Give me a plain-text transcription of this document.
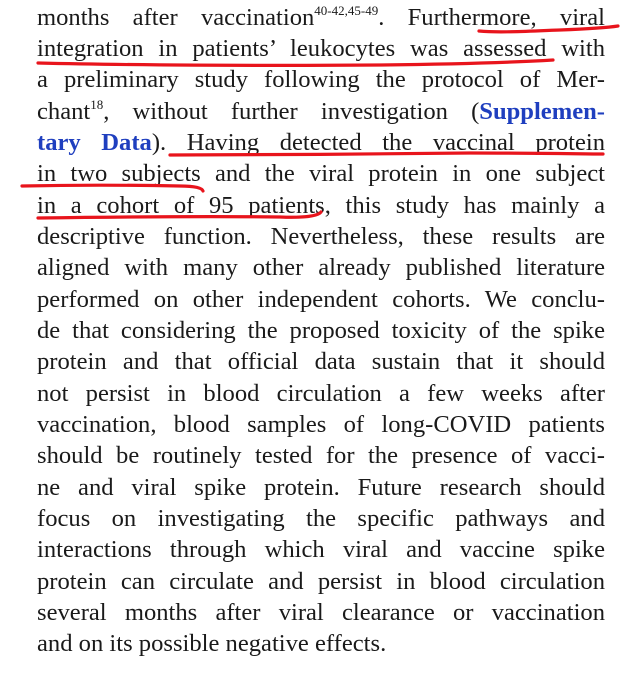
months after vaccination$^{40-42,45-49}$. Furthermore, viral
integration in patients’ leukocytes was assessed with
a preliminary study following the protocol of Mer-
chant$^{18}$, without further investigation (Supplemen-
tary Data). Having detected the vaccinal protein
in two subjects and the viral protein in one subject
in a cohort of 95 patients, this study has mainly a
descriptive function. Nevertheless, these results are
aligned with many other already published literature
performed on other independent cohorts. We conclu-
de that considering the proposed toxicity of the spike
protein and that official data sustain that it should
not persist in blood circulation a few weeks after
vaccination, blood samples of long-COVID patients
should be routinely tested for the presence of vacci-
ne and viral spike protein. Future research should
focus on investigating the specific pathways and
interactions through which viral and vaccine spike
protein can circulate and persist in blood circulation
several months after viral clearance or vaccination
and on its possible negative effects.
